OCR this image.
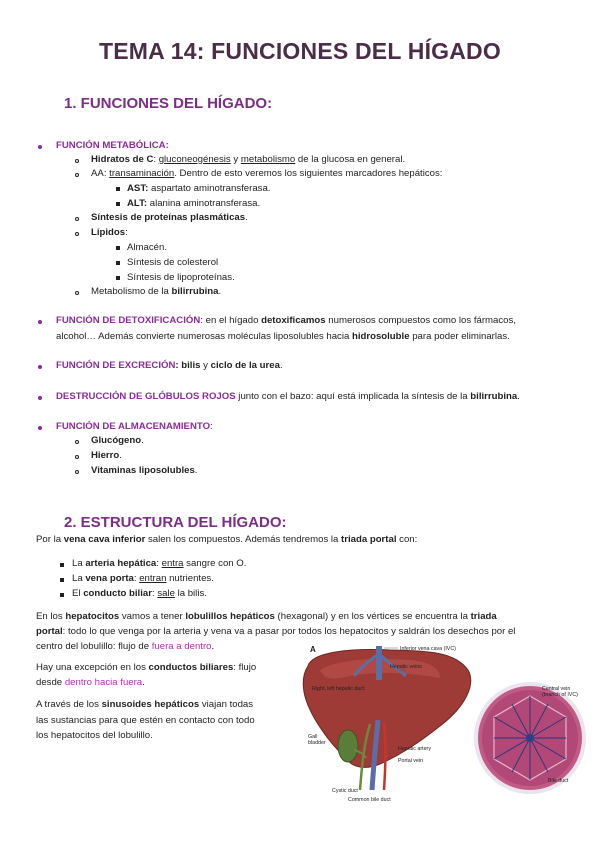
TEMA 14: FUNCIONES DEL HÍGADO
1. FUNCIONES DEL HÍGADO:
FUNCIÓN METABÓLICA:
Hidratos de C: gluconeogénesis y metabolismo de la glucosa en general.
AA: transaminación. Dentro de esto veremos los siguientes marcadores hepáticos:
AST: aspartato aminotransferasa.
ALT: alanina aminotransferasa.
Síntesis de proteínas plasmáticas.
Lípidos:
Almacén.
Síntesis de colesterol
Síntesis de lipoproteínas.
Metabolismo de la bilirrubina.
FUNCIÓN DE DETOXIFICACIÓN: en el hígado detoxificamos numerosos compuestos como los fármacos,
alcohol… Además convierte numerosas moléculas liposolubles hacia hidrosoluble para poder eliminarlas.
FUNCIÓN DE EXCRECIÓN: bilis y ciclo de la urea.
DESTRUCCIÓN DE GLÓBULOS ROJOS junto con el bazo: aquí está implicada la síntesis de la bilirrubina.
FUNCIÓN DE ALMACENAMIENTO:
Glucógeno.
Hierro.
Vitaminas liposolubles.
2. ESTRUCTURA DEL HÍGADO:
Por la vena cava inferior salen los compuestos. Además tendremos la triada portal con:
La arteria hepática: entra sangre con O.
La vena porta: entran nutrientes.
El conducto biliar: sale la bilis.
En los hepatocitos vamos a tener lobulillos hepáticos (hexagonal) y en los vértices se encuentra la triada
portal: todo lo que venga por la arteria y vena va a pasar por todos los hepatocitos y saldrán los desechos por el
centro del lobulillo: flujo de fuera a dentro.
Hay una excepción en los conductos biliares: flujo
desde dentro hacia fuera.
A través de los sinusoides hepáticos viajan todas
las sustancias para que estén en contacto con todo
los hepatocitos del lobulillo.
A	Inferior vena cava (IVC)
Hepatic veins
Right, left hepatic duct
Gall
bladder
Hepatic artery
Portal vein
Cystic duct
Common bile duct
Central vein
(branch of IVC)
Bile duct
